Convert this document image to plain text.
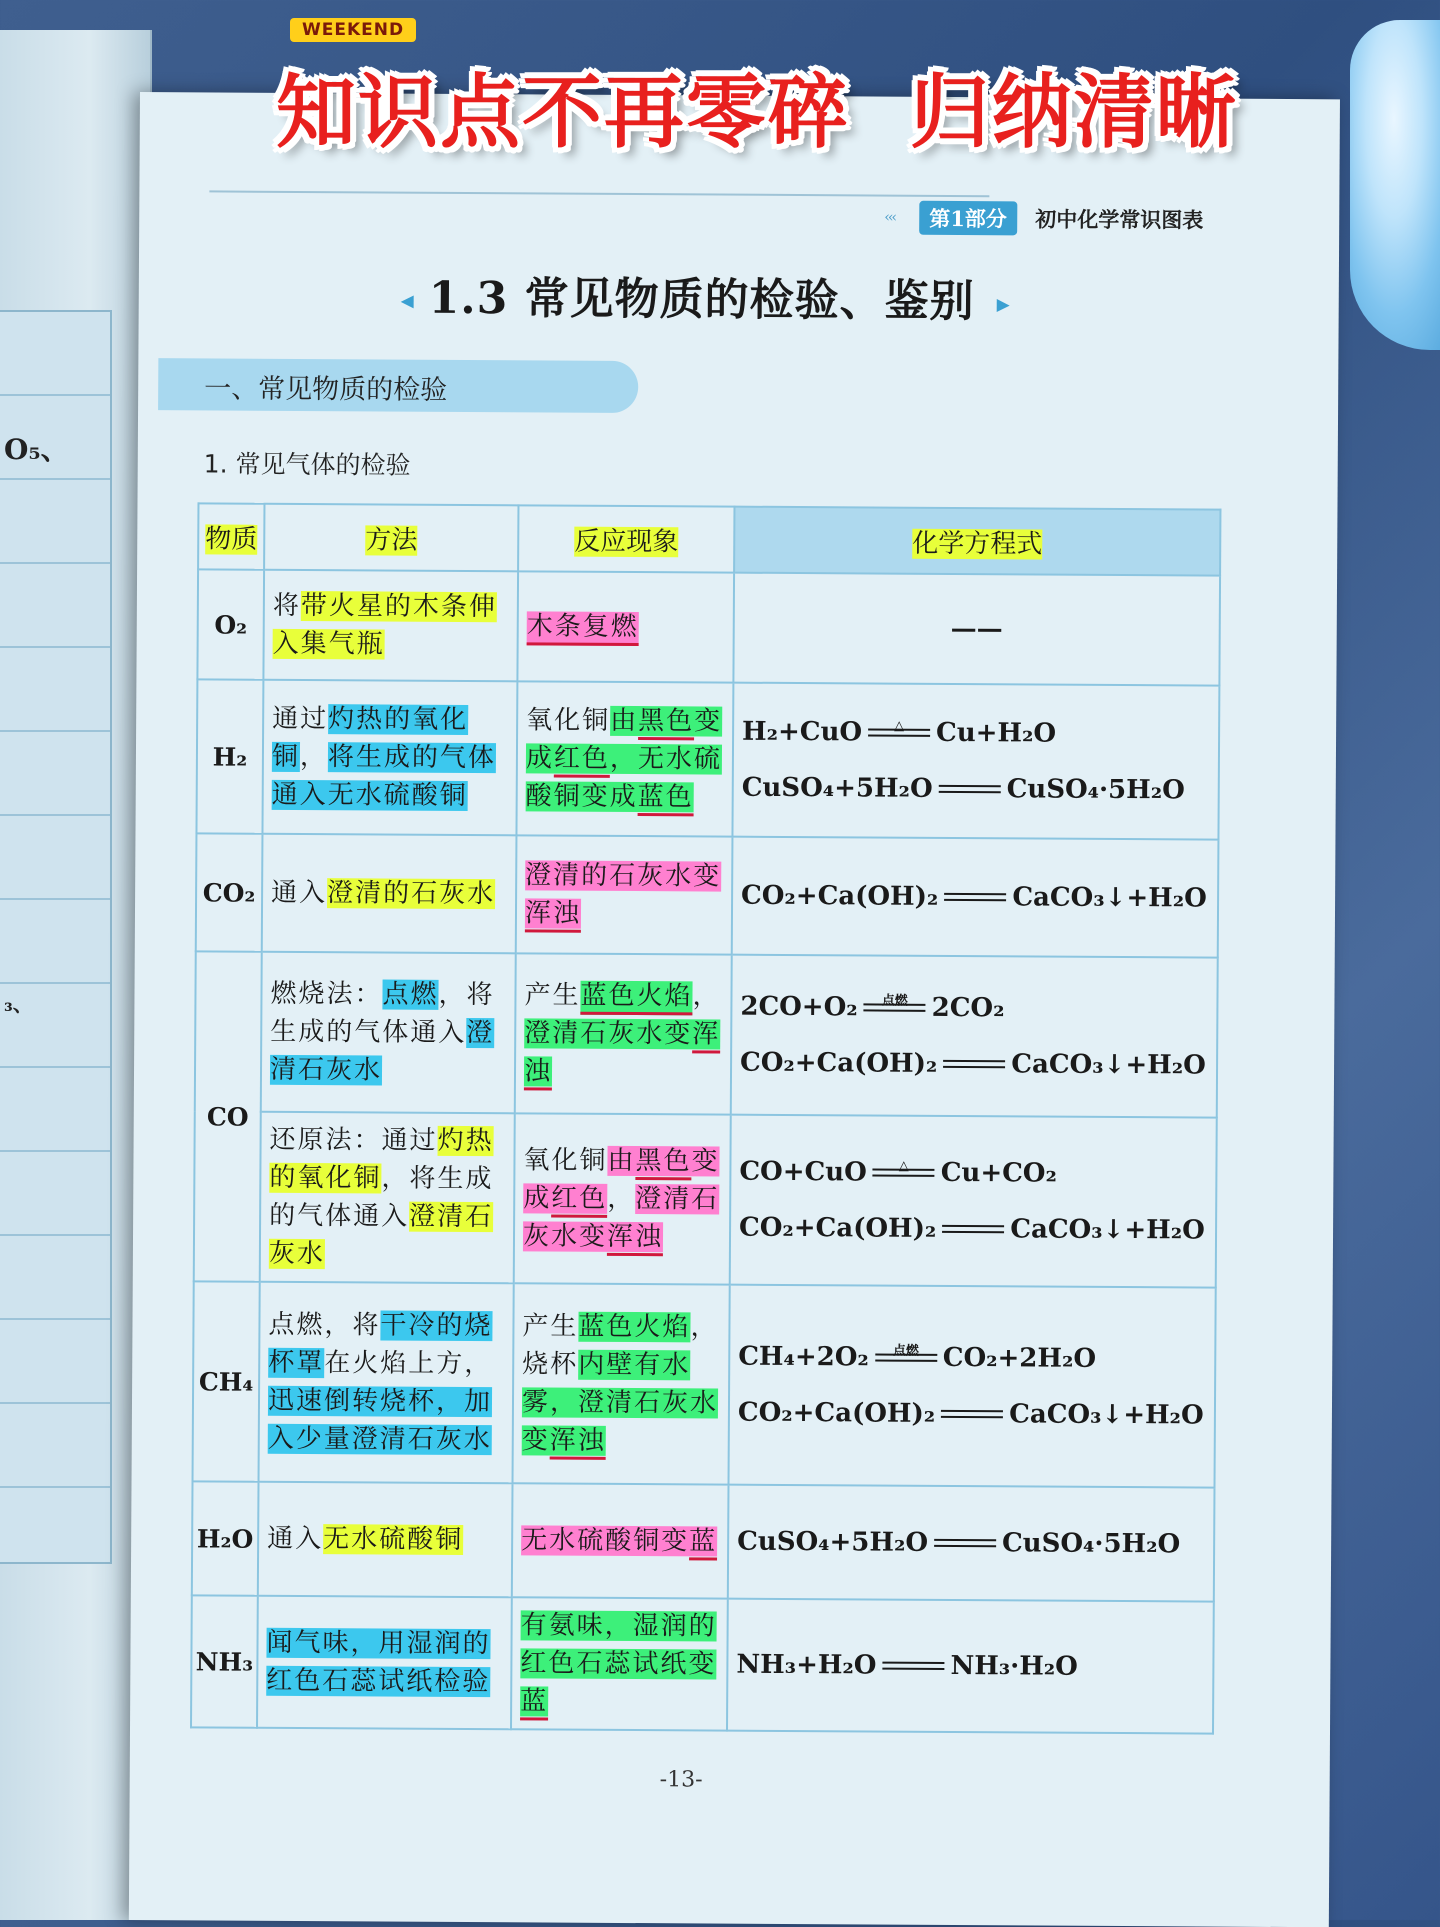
O₅、
₃、
WEEKEND
知识点不再零碎  归纳清晰
‹‹‹	第1部分	初中化学常识图表
◂ 1.3 常见物质的检验、鉴别 ▸
一、常见物质的检验
1. 常见气体的检验
物质	方法	反应现象	化学方程式
O₂	将带火星的木条伸入集气瓶	木条复燃	——

H₂	通过灼热的氧化铜，将生成的气体通入无水硫酸铜	氧化铜由黑色变成红色，无水硫酸铜变成蓝色	H₂+CuO △ Cu+H₂O
CuSO₄+5H₂O CuSO₄·5H₂O

CO₂	通入澄清的石灰水	澄清的石灰水变浑浊	CO₂+Ca(OH)₂ CaCO₃↓+H₂O

CO	燃烧法：点燃，将生成的气体通入澄清石灰水	产生蓝色火焰，澄清石灰水变浑浊	2CO+O₂ 点燃 2CO₂
CO₂+Ca(OH)₂ CaCO₃↓+H₂O

	还原法：通过灼热的氧化铜，将生成的气体通入澄清石灰水	氧化铜由黑色变成红色，澄清石灰水变浑浊	CO+CuO △ Cu+CO₂
CO₂+Ca(OH)₂ CaCO₃↓+H₂O

CH₄	点燃，将干冷的烧杯罩在火焰上方，迅速倒转烧杯，加入少量澄清石灰水	产生蓝色火焰，烧杯内壁有水雾，澄清石灰水变浑浊	CH₄+2O₂ 点燃 CO₂+2H₂O
CO₂+Ca(OH)₂ CaCO₃↓+H₂O

H₂O	通入无水硫酸铜	无水硫酸铜变蓝	CuSO₄+5H₂O CuSO₄·5H₂O

NH₃	闻气味，用湿润的红色石蕊试纸检验	有氨味，湿润的红色石蕊试纸变蓝	NH₃+H₂O NH₃·H₂O
-13-
